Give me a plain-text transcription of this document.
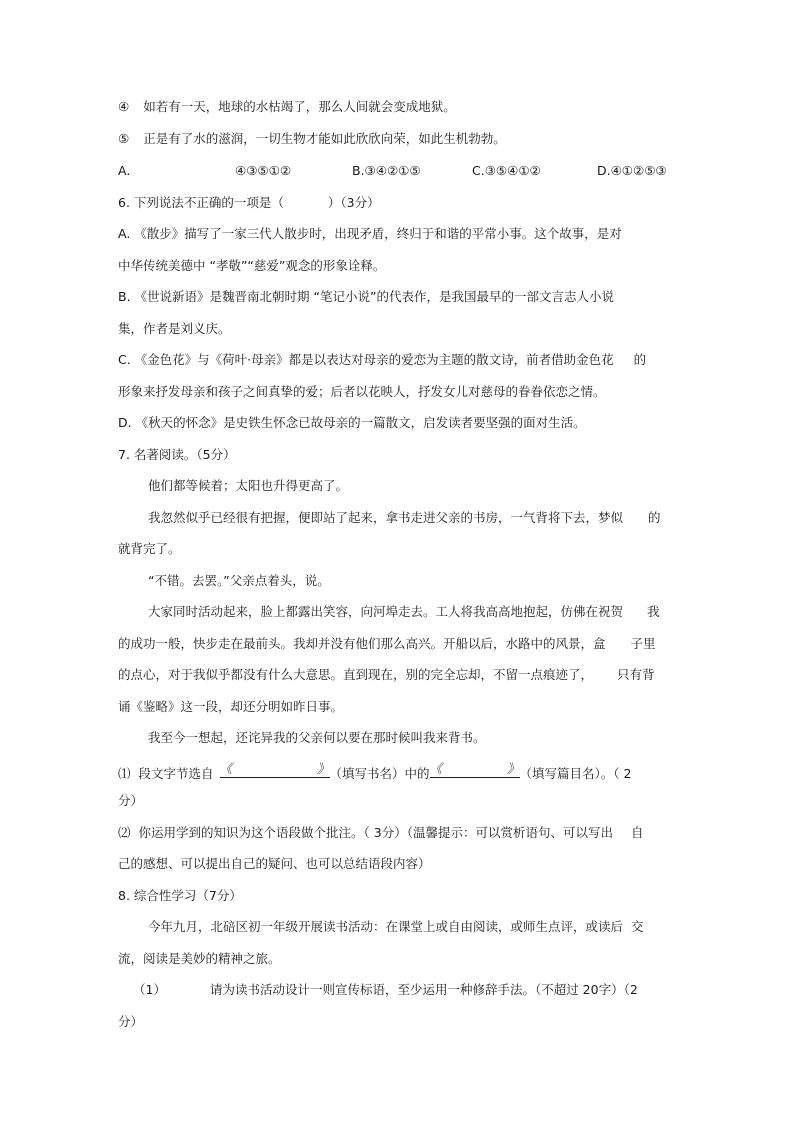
④ 如若有一天，地球的水枯竭了，那么人间就会变成地狱。
⑤ 正是有了水的滋润，一切生物才能如此欣欣向荣，如此生机勃勃。
A.	④③⑤①②	B.③④②①⑤	C.③⑤④①②	D.④①②⑤③
6. 下列说法不正确的一项是（	）（3分）
A. 《散步》描写了一家三代人散步时，出现矛盾，终归于和谐的平常小事。这个故事，是对
中华传统美德中 “孝敬”“慈爱”观念的形象诠释。
B. 《世说新语》是魏晋南北朝时期 “笔记小说”的代表作，是我国最早的一部文言志人小说
集，作者是刘义庆。
C. 《金色花》与《荷叶·母亲》都是以表达对母亲的爱恋为主题的散文诗，前者借助金色花 的
形象来抒发母亲和孩子之间真挚的爱；后者以花映人，抒发女儿对慈母的眷眷依恋之情。
D. 《秋天的怀念》是史铁生怀念已故母亲的一篇散文，启发读者要坚强的面对生活。
7. 名著阅读。（5分）
他们都等候着；太阳也升得更高了。
我忽然似乎已经很有把握，便即站了起来，拿书走进父亲的书房，一气背将下去，梦似 的
就背完了。
“不错。去罢。”父亲点着头，说。
大家同时活动起来，脸上都露出笑容，向河埠走去。工人将我高高地抱起，仿佛在祝贺 我
的成功一般，快步走在最前头。我却并没有他们那么高兴。开船以后，水路中的风景，盒 子里
的点心，对于我似乎都没有什么大意思。直到现在，别的完全忘却，不留一点痕迹了， 只有背
诵《鉴略》这一段，却还分明如昨日事。
我至今一想起，还诧异我的父亲何以要在那时候叫我来背书。
⑴ 段文字节选自 《	》 （填写书名）中的 《	》 （填写篇目名）。（ 2
分）
⑵ 你运用学到的知识为这个语段做个批注。（ 3分）（温馨提示：可以赏析语句、可以写出 自
己的感想、可以提出自己的疑问、也可以总结语段内容）
8. 综合性学习（7分）
今年九月，北碚区初一年级开展读书活动：在课堂上或自由阅读，或师生点评，或读后 交
流，阅读是美妙的精神之旅。
（1）	请为读书活动设计一则宣传标语，至少运用一种修辞手法。（不超过 20字）（2
分）
